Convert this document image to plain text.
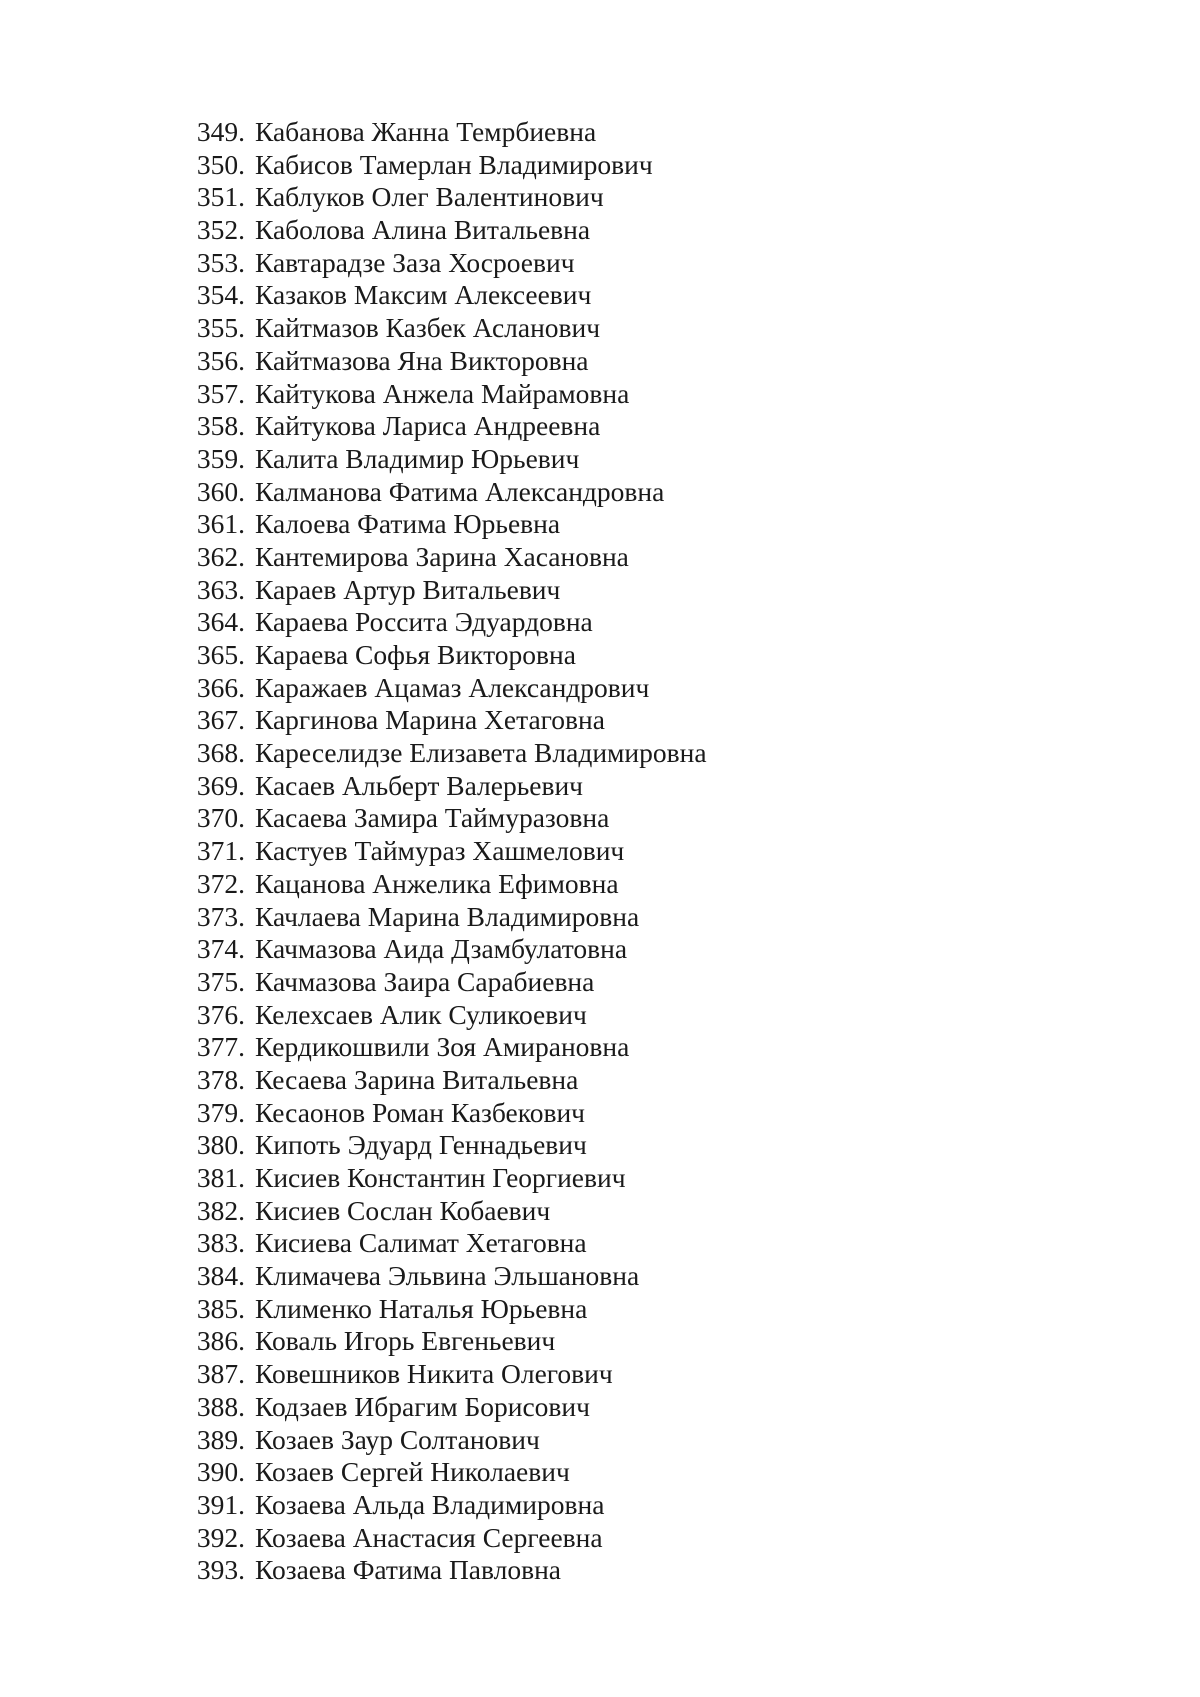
349. Кабанова Жанна Темрбиевна
350. Кабисов Тамерлан Владимирович
351. Каблуков Олег Валентинович
352. Каболова Алина Витальевна
353. Кавтарадзе Заза Хосроевич
354. Казаков Максим Алексеевич
355. Кайтмазов Казбек Асланович
356. Кайтмазова Яна Викторовна
357. Кайтукова Анжела Майрамовна
358. Кайтукова Лариса Андреевна
359. Калита Владимир Юрьевич
360. Калманова Фатима Александровна
361. Калоева Фатима Юрьевна
362. Кантемирова Зарина Хасановна
363. Караев Артур Витальевич
364. Караева Россита Эдуардовна
365. Караева Софья Викторовна
366. Каражаев Ацамаз Александрович
367. Каргинова Марина Хетаговна
368. Кареселидзе Елизавета Владимировна
369. Касаев Альберт Валерьевич
370. Касаева Замира Таймуразовна
371. Кастуев Таймураз Хашмелович
372. Кацанова Анжелика Ефимовна
373. Качлаева Марина Владимировна
374. Качмазова Аида Дзамбулатовна
375. Качмазова Заира Сарабиевна
376. Келехсаев Алик Суликоевич
377. Кердикошвили Зоя Амирановна
378. Кесаева Зарина Витальевна
379. Кесаонов Роман Казбекович
380. Кипоть Эдуард Геннадьевич
381. Кисиев Константин Георгиевич
382. Кисиев Сослан Кобаевич
383. Кисиева Салимат Хетаговна
384. Климачева Эльвина Эльшановна
385. Клименко Наталья Юрьевна
386. Коваль Игорь Евгеньевич
387. Ковешников Никита Олегович
388. Кодзаев Ибрагим Борисович
389. Козаев Заур Солтанович
390. Козаев Сергей Николаевич
391. Козаева Альда Владимировна
392. Козаева Анастасия Сергеевна
393. Козаева Фатима Павловна
